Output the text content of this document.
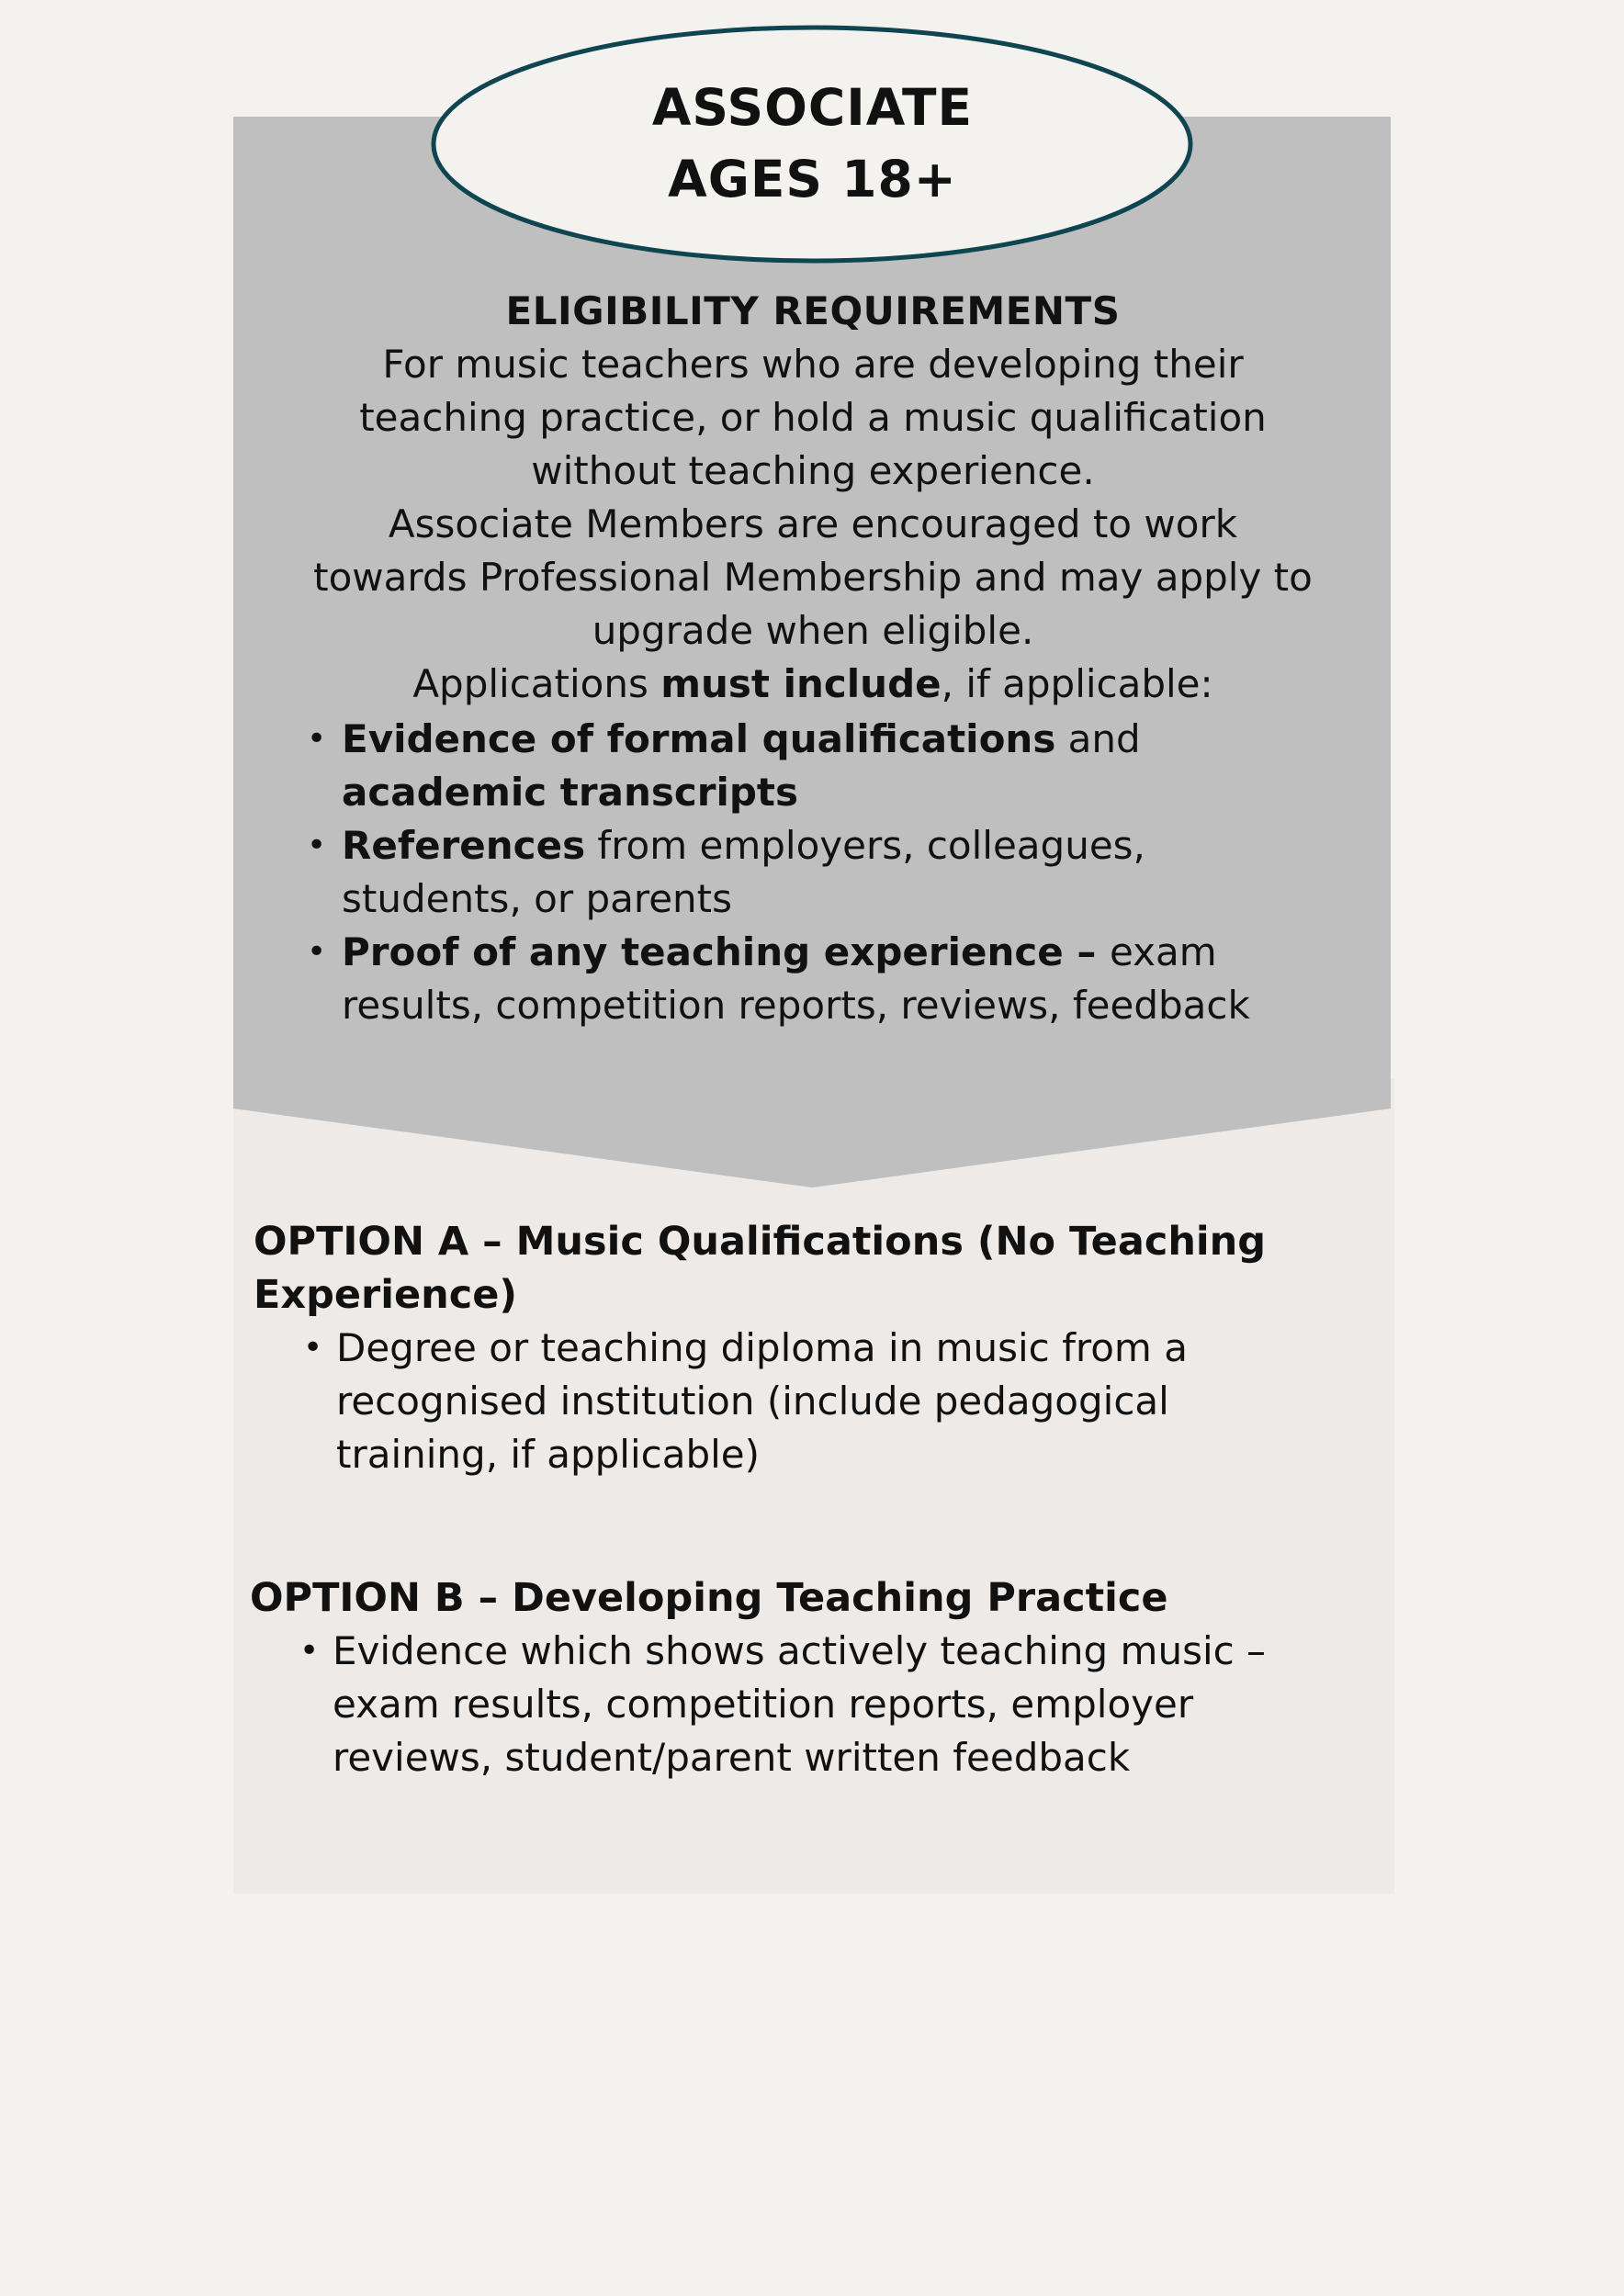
ASSOCIATE
AGES 18+
ELIGIBILITY REQUIREMENTS
For music teachers who are developing their
teaching practice, or hold a music qualification
without teaching experience.
Associate Members are encouraged to work
towards Professional Membership and may apply to
upgrade when eligible.
Applications must include, if applicable:
• Evidence of formal qualifications and
academic transcripts
• References from employers, colleagues,
students, or parents
• Proof of any teaching experience – exam
results, competition reports, reviews, feedback
OPTION A – Music Qualifications (No Teaching
Experience)
• Degree or teaching diploma in music from a
recognised institution (include pedagogical
training, if applicable)
OPTION B – Developing Teaching Practice
• Evidence which shows actively teaching music –
exam results, competition reports, employer
reviews, student/parent written feedback
